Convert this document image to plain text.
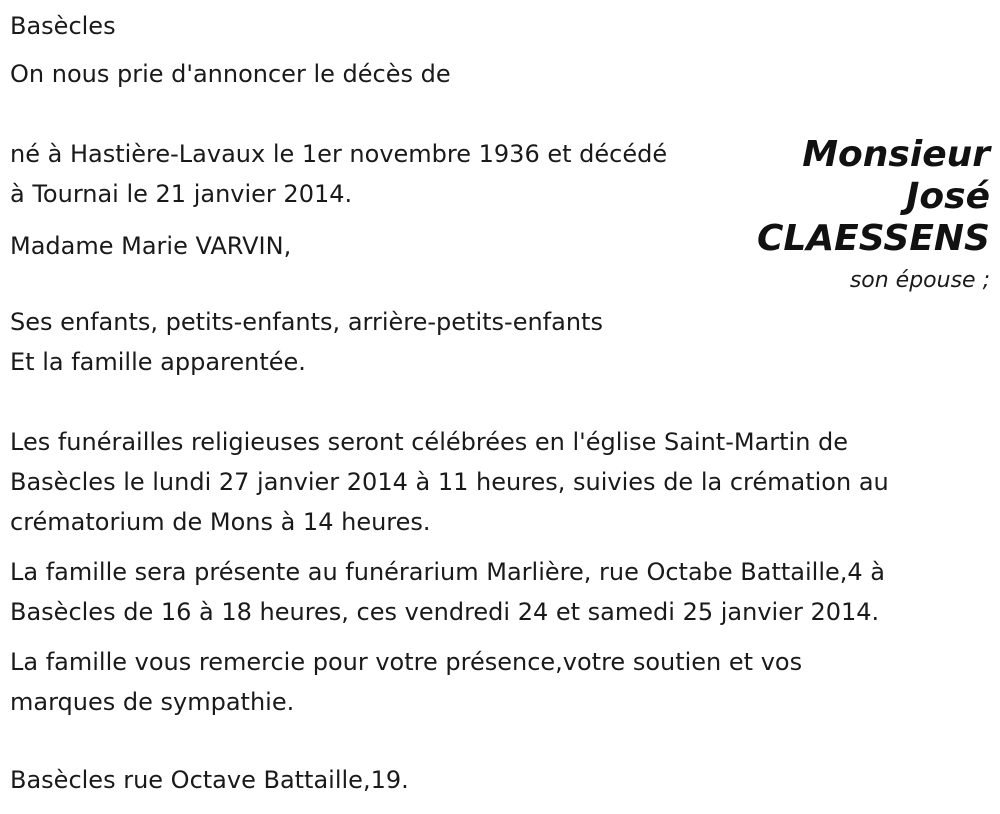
Basècles

On nous prie d'annoncer le décès de

Monsieur
José
CLAESSENS

né à Hastière-Lavaux le 1er novembre 1936 et décédé

à Tournai le 21 janvier 2014.

Madame Marie VARVIN,

son épouse ;

Ses enfants, petits-enfants, arrière-petits-enfants

Et la famille apparentée.

Les funérailles religieuses seront célébrées en l'église Saint-Martin de

Basècles le lundi 27 janvier 2014 à 11 heures, suivies de la crémation au

crématorium de Mons à 14 heures.

La famille sera présente au funérarium Marlière, rue Octabe Battaille,4 à

Basècles de 16 à 18 heures, ces vendredi 24 et samedi 25 janvier 2014.

La famille vous remercie pour votre présence,votre soutien et vos

marques de sympathie.

Basècles rue Octave Battaille,19.
